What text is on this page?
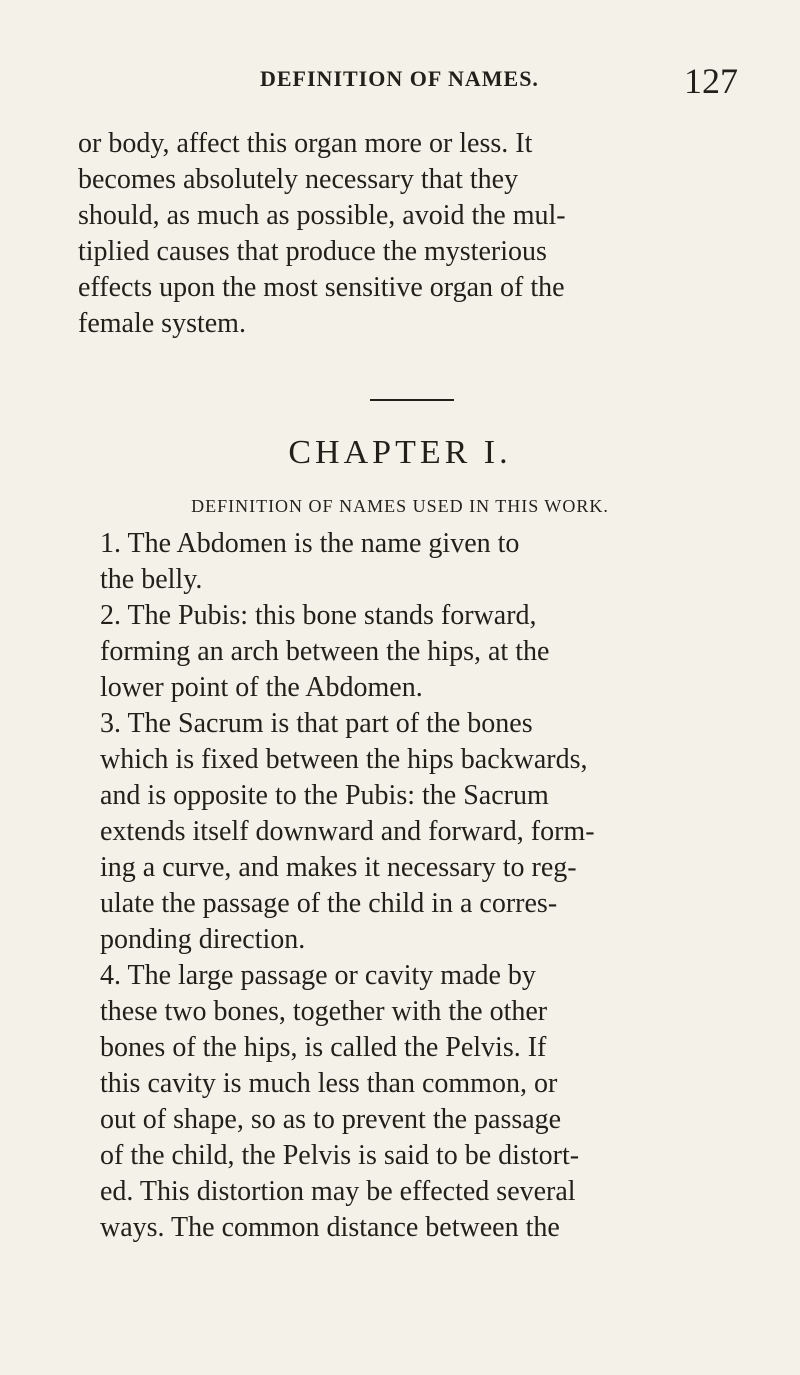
DEFINITION OF NAMES.	127

or body, affect this organ more or less. It
becomes absolutely necessary that they
should, as much as possible, avoid the mul-
tiplied causes that produce the mysterious
effects upon the most sensitive organ of the
female system.

CHAPTER I.
DEFINITION OF NAMES USED IN THIS WORK.

1. The Abdomen is the name given to
the belly.

2. The Pubis: this bone stands forward,
forming an arch between the hips, at the
lower point of the Abdomen.

3. The Sacrum is that part of the bones
which is fixed between the hips backwards,
and is opposite to the Pubis: the Sacrum
extends itself downward and forward, form-
ing a curve, and makes it necessary to reg-
ulate the passage of the child in a corres-
ponding direction.

4. The large passage or cavity made by
these two bones, together with the other
bones of the hips, is called the Pelvis. If
this cavity is much less than common, or
out of shape, so as to prevent the passage
of the child, the Pelvis is said to be distort-
ed. This distortion may be effected several
ways. The common distance between the
